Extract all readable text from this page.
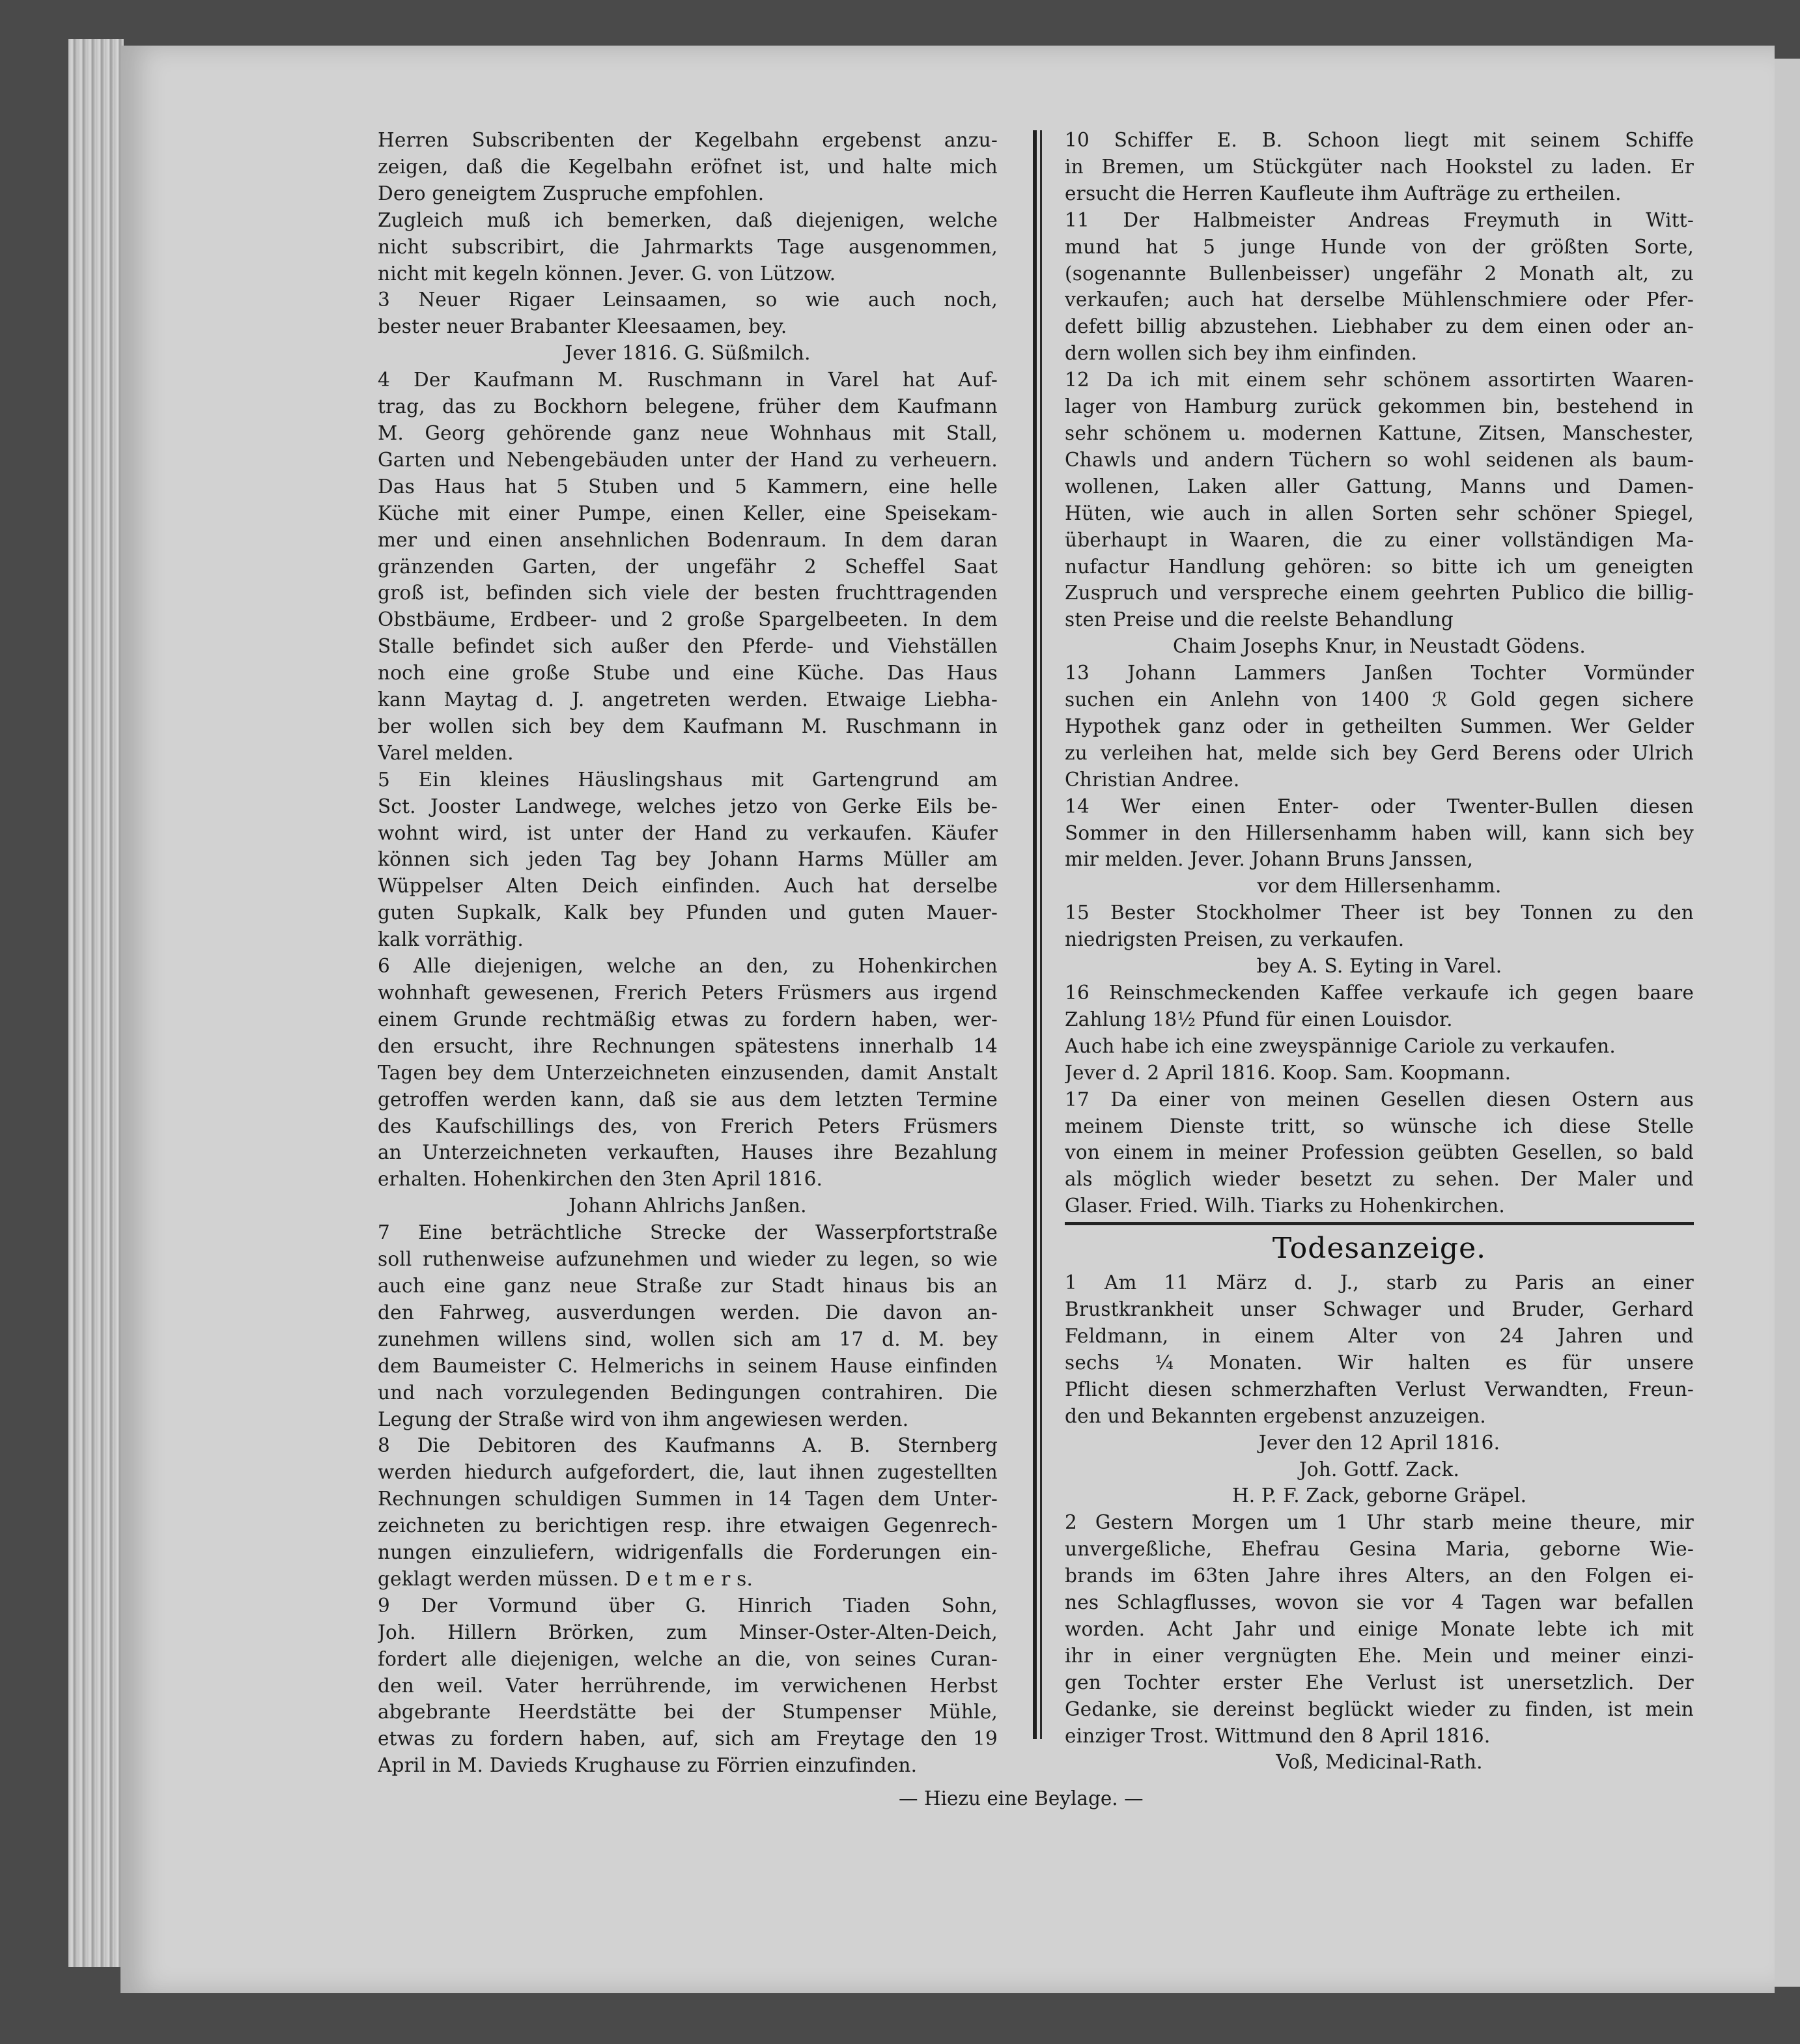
Herren Subscribenten der Kegelbahn ergebenst anzu-
zeigen, daß die Kegelbahn eröfnet ist, und halte mich
Dero geneigtem Zuspruche empfohlen.
Zugleich muß ich bemerken, daß diejenigen, welche
nicht subscribirt, die Jahrmarkts Tage ausgenommen,
nicht mit kegeln können. Jever. G. von Lützow.
3 Neuer Rigaer Leinsaamen, so wie auch noch,
bester neuer Brabanter Kleesaamen, bey.
Jever 1816. G. Süßmilch.
4 Der Kaufmann M. Ruschmann in Varel hat Auf-
trag, das zu Bockhorn belegene, früher dem Kaufmann
M. Georg gehörende ganz neue Wohnhaus mit Stall,
Garten und Nebengebäuden unter der Hand zu verheuern.
Das Haus hat 5 Stuben und 5 Kammern, eine helle
Küche mit einer Pumpe, einen Keller, eine Speisekam-
mer und einen ansehnlichen Bodenraum. In dem daran
gränzenden Garten, der ungefähr 2 Scheffel Saat
groß ist, befinden sich viele der besten fruchttragenden
Obstbäume, Erdbeer- und 2 große Spargelbeeten. In dem
Stalle befindet sich außer den Pferde- und Viehställen
noch eine große Stube und eine Küche. Das Haus
kann Maytag d. J. angetreten werden. Etwaige Liebha-
ber wollen sich bey dem Kaufmann M. Ruschmann in
Varel melden.
5 Ein kleines Häuslingshaus mit Gartengrund am
Sct. Jooster Landwege, welches jetzo von Gerke Eils be-
wohnt wird, ist unter der Hand zu verkaufen. Käufer
können sich jeden Tag bey Johann Harms Müller am
Wüppelser Alten Deich einfinden. Auch hat derselbe
guten Supkalk, Kalk bey Pfunden und guten Mauer-
kalk vorräthig.
6 Alle diejenigen, welche an den, zu Hohenkirchen
wohnhaft gewesenen, Frerich Peters Früsmers aus irgend
einem Grunde rechtmäßig etwas zu fordern haben, wer-
den ersucht, ihre Rechnungen spätestens innerhalb 14
Tagen bey dem Unterzeichneten einzusenden, damit Anstalt
getroffen werden kann, daß sie aus dem letzten Termine
des Kaufschillings des, von Frerich Peters Früsmers
an Unterzeichneten verkauften, Hauses ihre Bezahlung
erhalten. Hohenkirchen den 3ten April 1816.
Johann Ahlrichs Janßen.
7 Eine beträchtliche Strecke der Wasserpfortstraße
soll ruthenweise aufzunehmen und wieder zu legen, so wie
auch eine ganz neue Straße zur Stadt hinaus bis an
den Fahrweg, ausverdungen werden. Die davon an-
zunehmen willens sind, wollen sich am 17 d. M. bey
dem Baumeister C. Helmerichs in seinem Hause einfinden
und nach vorzulegenden Bedingungen contrahiren. Die
Legung der Straße wird von ihm angewiesen werden.
8 Die Debitoren des Kaufmanns A. B. Sternberg
werden hiedurch aufgefordert, die, laut ihnen zugestellten
Rechnungen schuldigen Summen in 14 Tagen dem Unter-
zeichneten zu berichtigen resp. ihre etwaigen Gegenrech-
nungen einzuliefern, widrigenfalls die Forderungen ein-
geklagt werden müssen. D e t m e r s.
9 Der Vormund über G. Hinrich Tiaden Sohn,
Joh. Hillern Brörken, zum Minser-Oster-Alten-Deich,
fordert alle diejenigen, welche an die, von seines Curan-
den weil. Vater herrührende, im verwichenen Herbst
abgebrante Heerdstätte bei der Stumpenser Mühle,
etwas zu fordern haben, auf, sich am Freytage den 19
April in M. Davieds Krughause zu Förrien einzufinden.
10 Schiffer E. B. Schoon liegt mit seinem Schiffe
in Bremen, um Stückgüter nach Hookstel zu laden. Er
ersucht die Herren Kaufleute ihm Aufträge zu ertheilen.
11 Der Halbmeister Andreas Freymuth in Witt-
mund hat 5 junge Hunde von der größten Sorte,
(sogenannte Bullenbeisser) ungefähr 2 Monath alt, zu
verkaufen; auch hat derselbe Mühlenschmiere oder Pfer-
defett billig abzustehen. Liebhaber zu dem einen oder an-
dern wollen sich bey ihm einfinden.
12 Da ich mit einem sehr schönem assortirten Waaren-
lager von Hamburg zurück gekommen bin, bestehend in
sehr schönem u. modernen Kattune, Zitsen, Manschester,
Chawls und andern Tüchern so wohl seidenen als baum-
wollenen, Laken aller Gattung, Manns und Damen-
Hüten, wie auch in allen Sorten sehr schöner Spiegel,
überhaupt in Waaren, die zu einer vollständigen Ma-
nufactur Handlung gehören: so bitte ich um geneigten
Zuspruch und verspreche einem geehrten Publico die billig-
sten Preise und die reelste Behandlung
Chaim Josephs Knur, in Neustadt Gödens.
13 Johann Lammers Janßen Tochter Vormünder
suchen ein Anlehn von 1400 ℛ Gold gegen sichere
Hypothek ganz oder in getheilten Summen. Wer Gelder
zu verleihen hat, melde sich bey Gerd Berens oder Ulrich
Christian Andree.
14 Wer einen Enter- oder Twenter-Bullen diesen
Sommer in den Hillersenhamm haben will, kann sich bey
mir melden. Jever. Johann Bruns Janssen,
vor dem Hillersenhamm.
15 Bester Stockholmer Theer ist bey Tonnen zu den
niedrigsten Preisen, zu verkaufen.
bey A. S. Eyting in Varel.
16 Reinschmeckenden Kaffee verkaufe ich gegen baare
Zahlung 18½ Pfund für einen Louisdor.
Auch habe ich eine zweyspännige Cariole zu verkaufen.
Jever d. 2 April 1816. Koop. Sam. Koopmann.
17 Da einer von meinen Gesellen diesen Ostern aus
meinem Dienste tritt, so wünsche ich diese Stelle
von einem in meiner Profession geübten Gesellen, so bald
als möglich wieder besetzt zu sehen. Der Maler und
Glaser. Fried. Wilh. Tiarks zu Hohenkirchen.
Todesanzeige.
1 Am 11 März d. J., starb zu Paris an einer
Brustkrankheit unser Schwager und Bruder, Gerhard
Feldmann, in einem Alter von 24 Jahren und
sechs ¼ Monaten. Wir halten es für unsere
Pflicht diesen schmerzhaften Verlust Verwandten, Freun-
den und Bekannten ergebenst anzuzeigen.
Jever den 12 April 1816.
Joh. Gottf. Zack.
H. P. F. Zack, geborne Gräpel.
2 Gestern Morgen um 1 Uhr starb meine theure, mir
unvergeßliche, Ehefrau Gesina Maria, geborne Wie-
brands im 63ten Jahre ihres Alters, an den Folgen ei-
nes Schlagflusses, wovon sie vor 4 Tagen war befallen
worden. Acht Jahr und einige Monate lebte ich mit
ihr in einer vergnügten Ehe. Mein und meiner einzi-
gen Tochter erster Ehe Verlust ist unersetzlich. Der
Gedanke, sie dereinst beglückt wieder zu finden, ist mein
einziger Trost. Wittmund den 8 April 1816.
Voß, Medicinal-Rath.
— Hiezu eine Beylage. —
